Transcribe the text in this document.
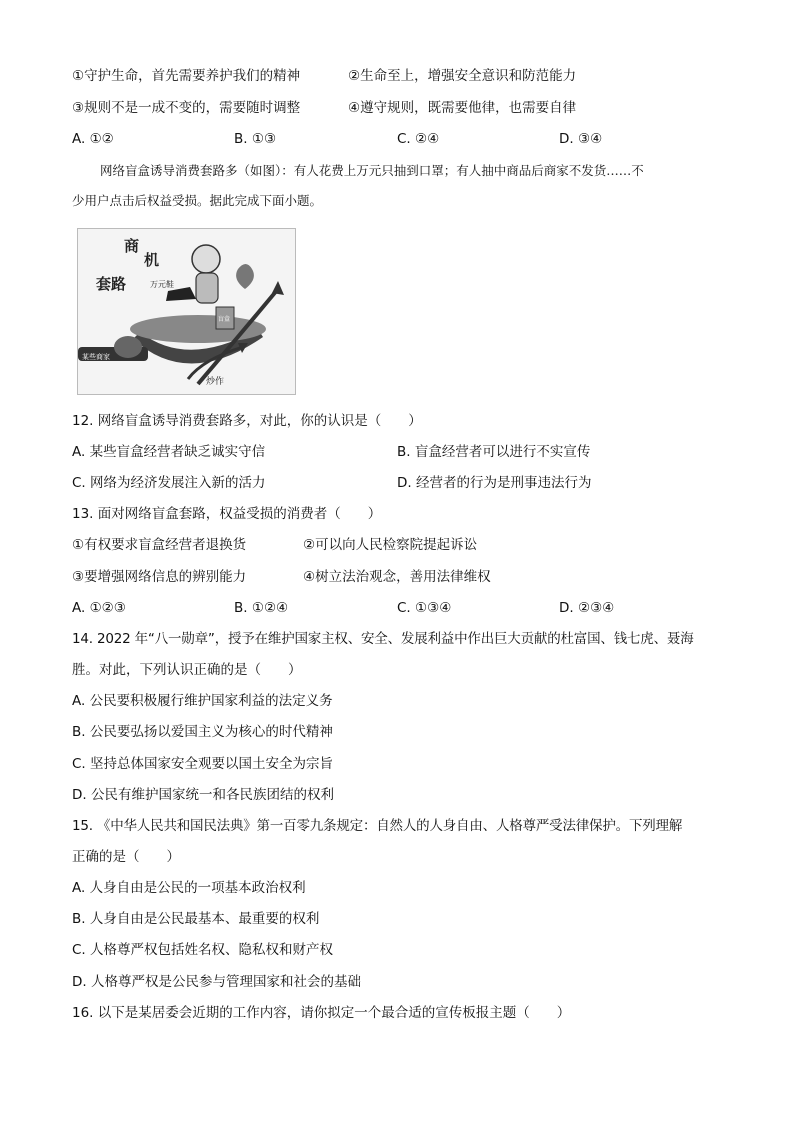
①守护生命，首先需要养护我们的精神	②生命至上，增强安全意识和防范能力
③规则不是一成不变的，需要随时调整	④遵守规则，既需要他律，也需要自律
A. ①②	B. ①③	C. ②④	D. ③④
网络盲盒诱导消费套路多（如图）：有人花费上万元只抽到口罩；有人抽中商品后商家不发货……不
少用户点击后权益受损。据此完成下面小题。
商
机
套路	万元鞋
盲盒
某些商家
炒作
12. 网络盲盒诱导消费套路多，对此，你的认识是（　　）
A. 某些盲盒经营者缺乏诚实守信	B. 盲盒经营者可以进行不实宣传
C. 网络为经济发展注入新的活力	D. 经营者的行为是刑事违法行为
13. 面对网络盲盒套路，权益受损的消费者（　　）
①有权要求盲盒经营者退换货	②可以向人民检察院提起诉讼
③要增强网络信息的辨别能力	④树立法治观念，善用法律维权
A. ①②③	B. ①②④	C. ①③④	D. ②③④
14. 2022 年“八一勋章”，授予在维护国家主权、安全、发展利益中作出巨大贡献的杜富国、钱七虎、聂海
胜。对此，下列认识正确的是（　　）
A. 公民要积极履行维护国家利益的法定义务
B. 公民要弘扬以爱国主义为核心的时代精神
C. 坚持总体国家安全观要以国土安全为宗旨
D. 公民有维护国家统一和各民族团结的权利
15. 《中华人民共和国民法典》第一百零九条规定：自然人的人身自由、人格尊严受法律保护。下列理解
正确的是（　　）
A. 人身自由是公民的一项基本政治权利
B. 人身自由是公民最基本、最重要的权利
C. 人格尊严权包括姓名权、隐私权和财产权
D. 人格尊严权是公民参与管理国家和社会的基础
16. 以下是某居委会近期的工作内容，请你拟定一个最合适的宣传板报主题（　　）
